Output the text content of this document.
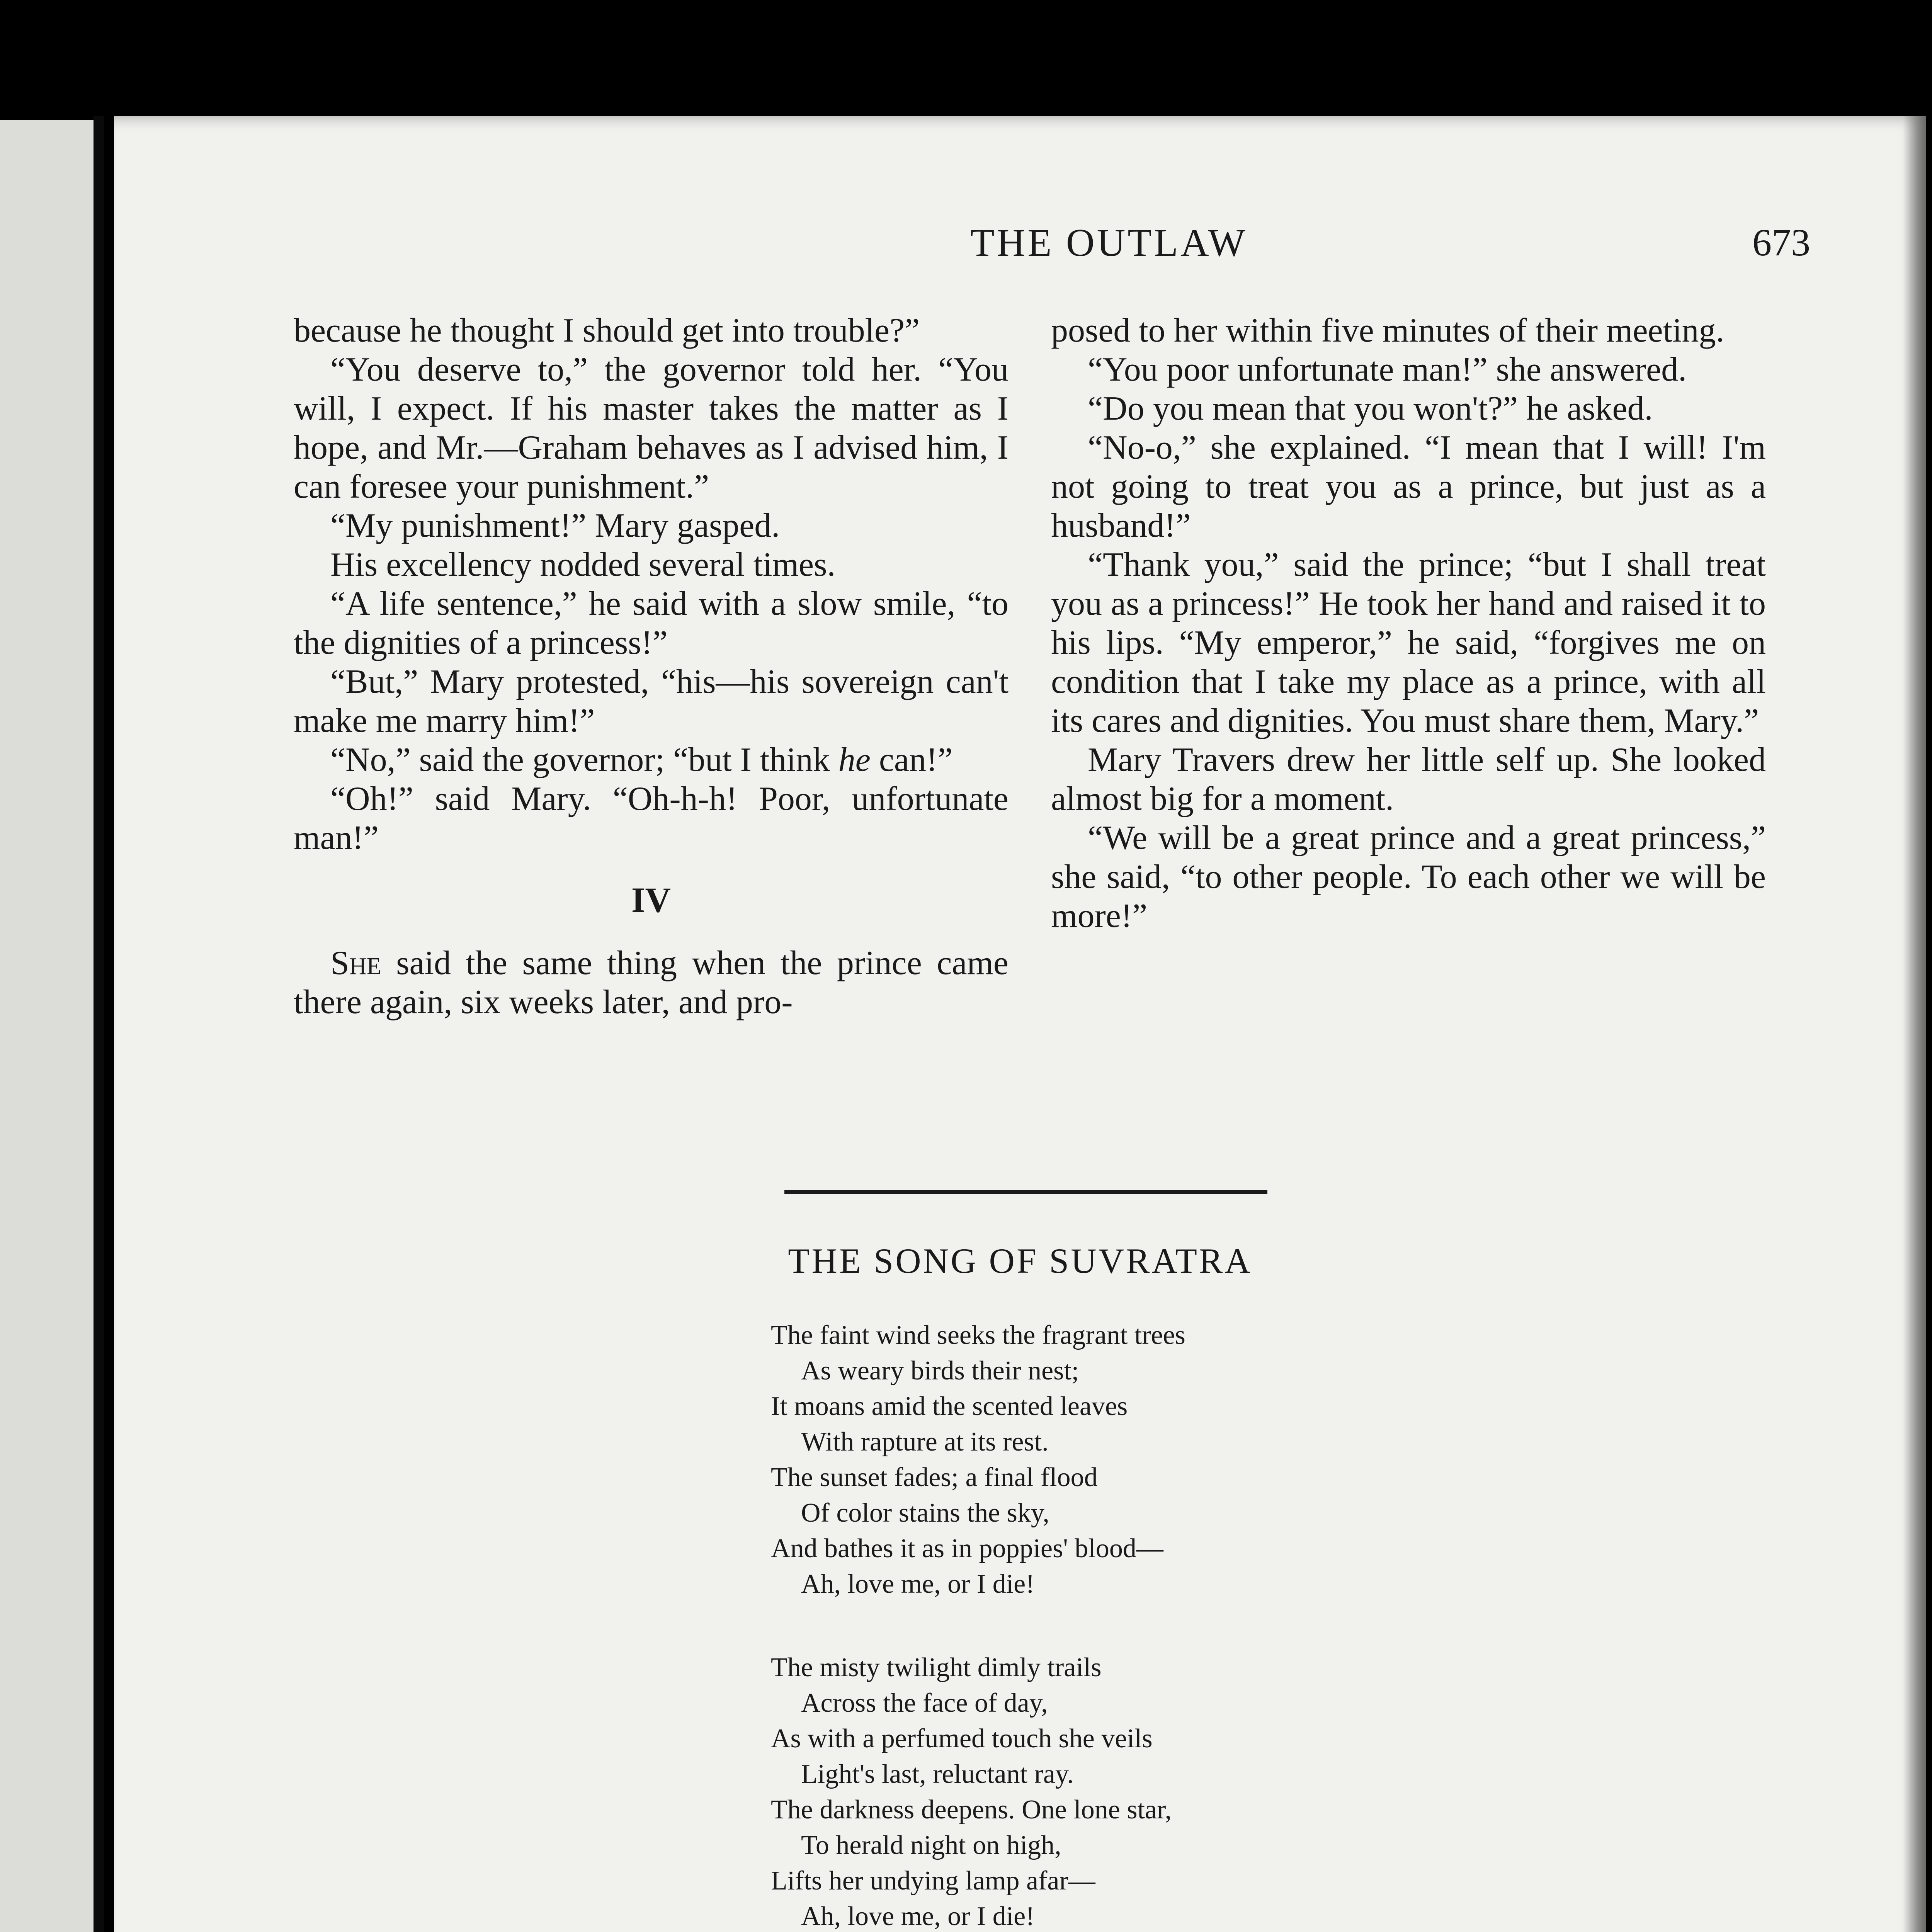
THE OUTLAW	673

because he thought I should get into trouble?”

“You deserve to,” the governor told her. “You will, I expect. If his master takes the matter as I hope, and Mr.—Graham behaves as I advised him, I can foresee your punishment.”

“My punishment!” Mary gasped.

His excellency nodded several times.

“A life sentence,” he said with a slow smile, “to the dignities of a princess!”

“But,” Mary protested, “his—his sovereign can't make me marry him!”

“No,” said the governor; “but I think he can!”

“Oh!” said Mary. “Oh-h-h! Poor, unfortunate man!”

IV

She said the same thing when the prince came there again, six weeks later, and pro-

posed to her within five minutes of their meeting.

“You poor unfortunate man!” she answered.

“Do you mean that you won't?” he asked.

“No-o,” she explained. “I mean that I will! I'm not going to treat you as a prince, but just as a husband!”

“Thank you,” said the prince; “but I shall treat you as a princess!” He took her hand and raised it to his lips. “My emperor,” he said, “forgives me on condition that I take my place as a prince, with all its cares and dignities. You must share them, Mary.”

Mary Travers drew her little self up. She looked almost big for a moment.

“We will be a great prince and a great princess,” she said, “to other people. To each other we will be more!”

THE SONG OF SUVRATRA
The faint wind seeks the fragrant trees
As weary birds their nest;
It moans amid the scented leaves
With rapture at its rest.
The sunset fades; a final flood
Of color stains the sky,
And bathes it as in poppies' blood—
Ah, love me, or I die!
The misty twilight dimly trails
Across the face of day,
As with a perfumed touch she veils
Light's last, reluctant ray.
The darkness deepens. One lone star,
To herald night on high,
Lifts her undying lamp afar—
Ah, love me, or I die!
